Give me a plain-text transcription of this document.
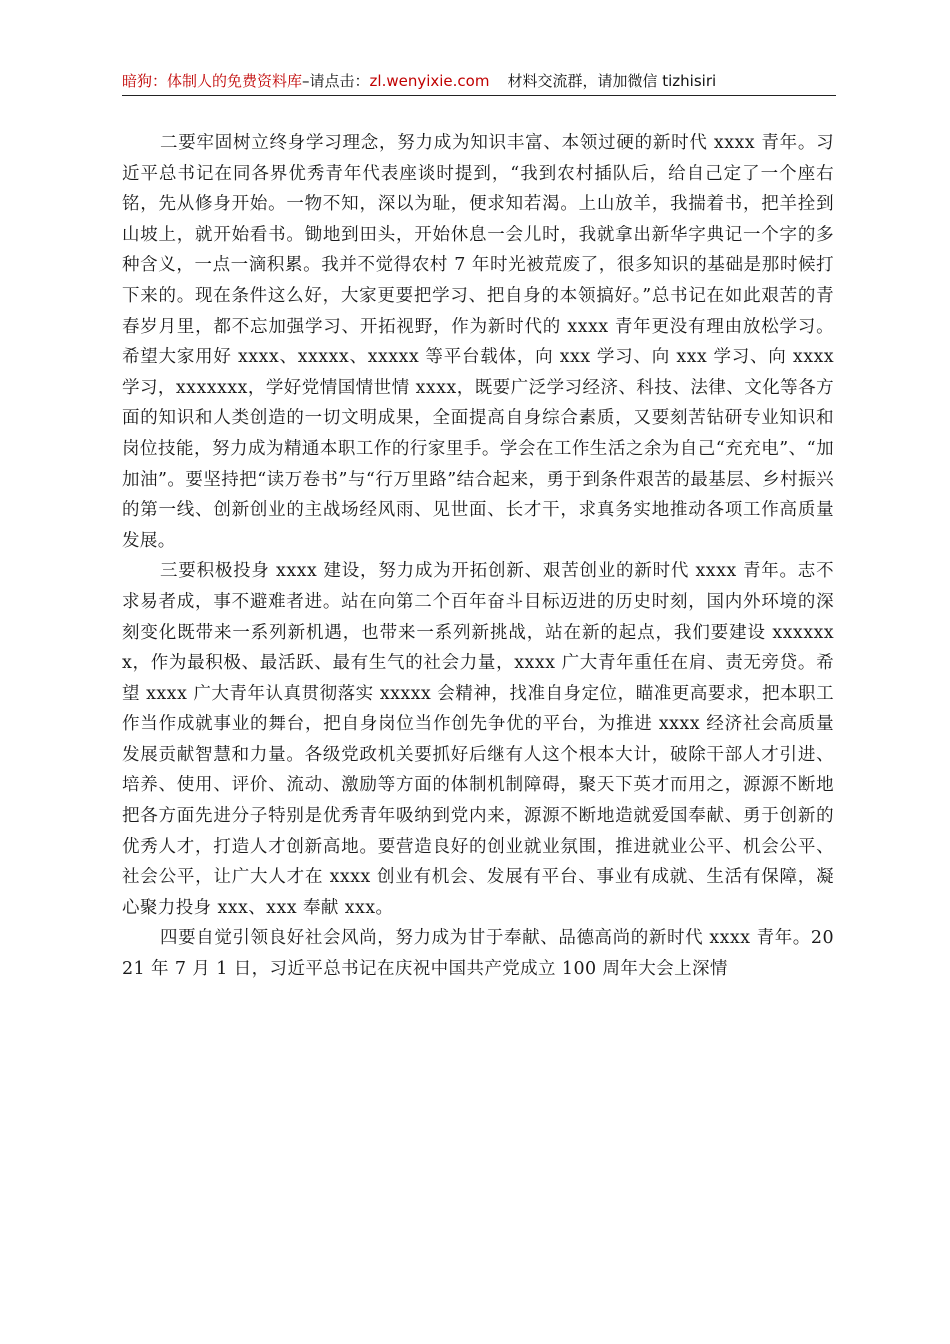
暗狗：体制人的免费资料库–请点击：zl.wenyixie.com 材料交流群，请加微信 tizhisiri

二要牢固树立终身学习理念，努力成为知识丰富、本领过硬的新时代 xxxx 青年。习近平总书记在同各界优秀青年代表座谈时提到，“我到农村插队后，给自己定了一个座右铭，先从修身开始。一物不知，深以为耻，便求知若渴。上山放羊，我揣着书，把羊拴到山坡上，就开始看书。锄地到田头，开始休息一会儿时，我就拿出新华字典记一个字的多种含义，一点一滴积累。我并不觉得农村 7 年时光被荒废了，很多知识的基础是那时候打下来的。现在条件这么好，大家更要把学习、把自身的本领搞好。”总书记在如此艰苦的青春岁月里，都不忘加强学习、开拓视野，作为新时代的 xxxx 青年更没有理由放松学习。希望大家用好 xxxx、xxxxx、xxxxx 等平台载体，向 xxx 学习、向 xxx 学习、向 xxxx 学习，xxxxxxx，学好党情国情世情 xxxx，既要广泛学习经济、科技、法律、文化等各方面的知识和人类创造的一切文明成果，全面提高自身综合素质，又要刻苦钻研专业知识和岗位技能，努力成为精通本职工作的行家里手。学会在工作生活之余为自己“充充电”、“加加油”。要坚持把“读万卷书”与“行万里路”结合起来，勇于到条件艰苦的最基层、乡村振兴的第一线、创新创业的主战场经风雨、见世面、长才干，求真务实地推动各项工作高质量发展。

三要积极投身 xxxx 建设，努力成为开拓创新、艰苦创业的新时代 xxxx 青年。志不求易者成，事不避难者进。站在向第二个百年奋斗目标迈进的历史时刻，国内外环境的深刻变化既带来一系列新机遇，也带来一系列新挑战，站在新的起点，我们要建设 xxxxxxx，作为最积极、最活跃、最有生气的社会力量，xxxx 广大青年重任在肩、责无旁贷。希望 xxxx 广大青年认真贯彻落实 xxxxx 会精神，找准自身定位，瞄准更高要求，把本职工作当作成就事业的舞台，把自身岗位当作创先争优的平台，为推进 xxxx 经济社会高质量发展贡献智慧和力量。各级党政机关要抓好后继有人这个根本大计，破除干部人才引进、培养、使用、评价、流动、激励等方面的体制机制障碍，聚天下英才而用之，源源不断地把各方面先进分子特别是优秀青年吸纳到党内来，源源不断地造就爱国奉献、勇于创新的优秀人才，打造人才创新高地。要营造良好的创业就业氛围，推进就业公平、机会公平、社会公平，让广大人才在 xxxx 创业有机会、发展有平台、事业有成就、生活有保障，凝心聚力投身 xxx、xxx 奉献 xxx。

四要自觉引领良好社会风尚，努力成为甘于奉献、品德高尚的新时代 xxxx 青年。2021 年 7 月 1 日，习近平总书记在庆祝中国共产党成立 100 周年大会上深情
